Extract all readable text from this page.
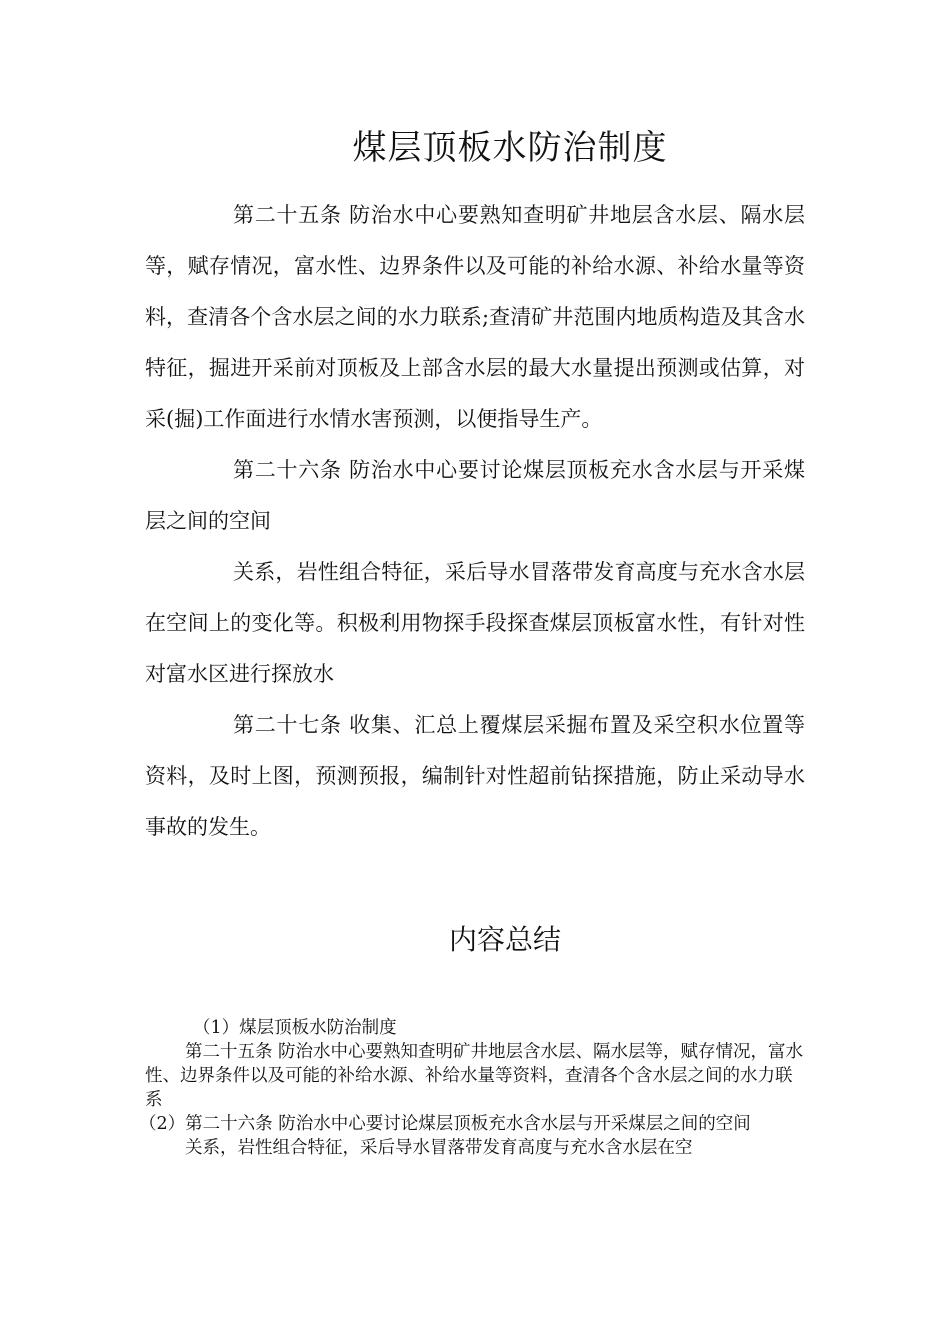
煤层顶板水防治制度

第二十五条 防治水中心要熟知查明矿井地层含水层、隔水层等，赋存情况，富水性、边界条件以及可能的补给水源、补给水量等资料，查清各个含水层之间的水力联系;查清矿井范围内地质构造及其含水特征，掘进开采前对顶板及上部含水层的最大水量提出预测或估算，对采(掘)工作面进行水情水害预测，以便指导生产。

第二十六条 防治水中心要讨论煤层顶板充水含水层与开采煤层之间的空间

关系，岩性组合特征，采后导水冒落带发育高度与充水含水层在空间上的变化等。积极利用物探手段探查煤层顶板富水性，有针对性对富水区进行探放水

第二十七条 收集、汇总上覆煤层采掘布置及采空积水位置等资料，及时上图，预测预报，编制针对性超前钻探措施，防止采动导水事故的发生。

内容总结

（1）煤层顶板水防治制度

第二十五条 防治水中心要熟知查明矿井地层含水层、隔水层等，赋存情况，富水性、边界条件以及可能的补给水源、补给水量等资料，查清各个含水层之间的水力联系

（2）第二十六条 防治水中心要讨论煤层顶板充水含水层与开采煤层之间的空间

关系，岩性组合特征，采后导水冒落带发育高度与充水含水层在空
